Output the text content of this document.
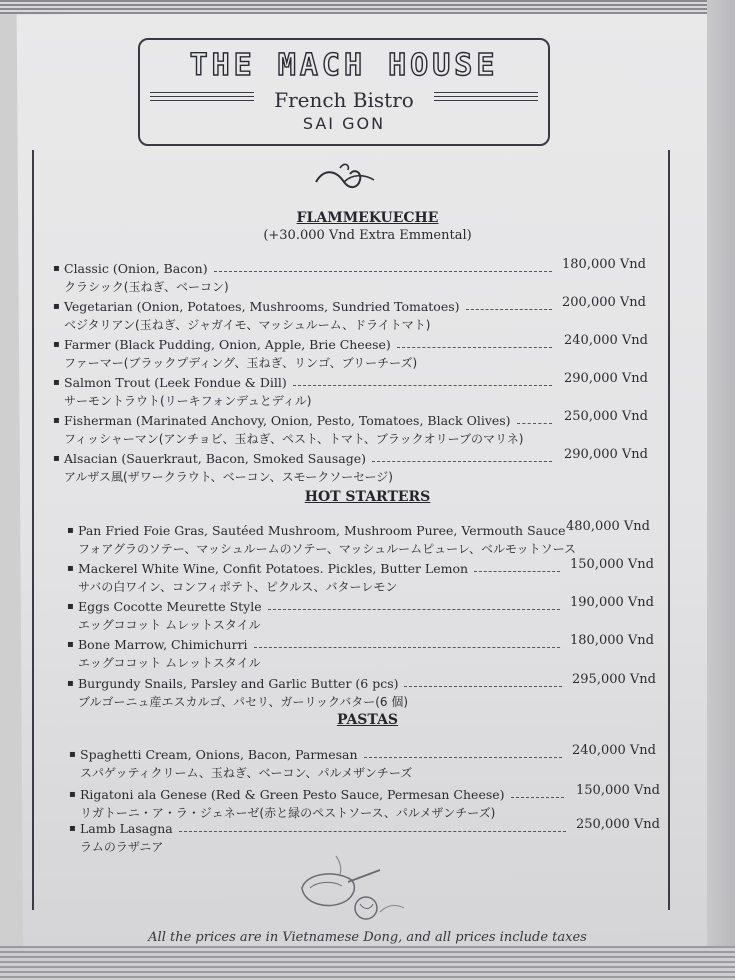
THE MACH HOUSE
French Bistro
SAI GON
FLAMMEKUECHE
(+30.000 Vnd Extra Emmental)
▪ Classic (Onion, Bacon)
クラシック(玉ねぎ、ベーコン)
180,000 Vnd
▪ Vegetarian (Onion, Potatoes, Mushrooms, Sundried Tomatoes)
ベジタリアン(玉ねぎ、ジャガイモ、マッシュルーム、ドライトマト)
200,000 Vnd
▪ Farmer (Black Pudding, Onion, Apple, Brie Cheese)
ファーマー(ブラックプディング、玉ねぎ、リンゴ、ブリーチーズ)
240,000 Vnd
▪ Salmon Trout (Leek Fondue & Dill)
サーモントラウト(リーキフォンデュとディル)
290,000 Vnd
▪ Fisherman (Marinated Anchovy, Onion, Pesto, Tomatoes, Black Olives)
フィッシャーマン(アンチョビ、玉ねぎ、ペスト、トマト、ブラックオリーブのマリネ)
250,000 Vnd
▪ Alsacian (Sauerkraut, Bacon, Smoked Sausage)
アルザス風(ザワークラウト、ベーコン、スモークソーセージ)
290,000 Vnd
HOT STARTERS
▪ Pan Fried Foie Gras, Sautéed Mushroom, Mushroom Puree, Vermouth Sauce
フォアグラのソテー、マッシュルームのソテー、マッシュルームピューレ、ベルモットソース
480,000 Vnd
▪ Mackerel White Wine, Confit Potatoes. Pickles, Butter Lemon
サバの白ワイン、コンフィポテト、ピクルス、バターレモン
150,000 Vnd
▪ Eggs Cocotte Meurette Style
エッグココット ムレットスタイル
190,000 Vnd
▪ Bone Marrow, Chimichurri
エッグココット ムレットスタイル
180,000 Vnd
▪ Burgundy Snails, Parsley and Garlic Butter (6 pcs)
ブルゴーニュ産エスカルゴ、パセリ、ガーリックバター(6 個)
295,000 Vnd
PASTAS
▪ Spaghetti Cream, Onions, Bacon, Parmesan
スパゲッティクリーム、玉ねぎ、ベーコン、パルメザンチーズ
240,000 Vnd
▪ Rigatoni ala Genese (Red & Green Pesto Sauce, Permesan Cheese)
リガトーニ・ア・ラ・ジェネーゼ(赤と緑のペストソース、パルメザンチーズ)
150,000 Vnd
▪ Lamb Lasagna
ラムのラザニア
250,000 Vnd
All the prices are in Vietnamese Dong, and all prices include taxes
